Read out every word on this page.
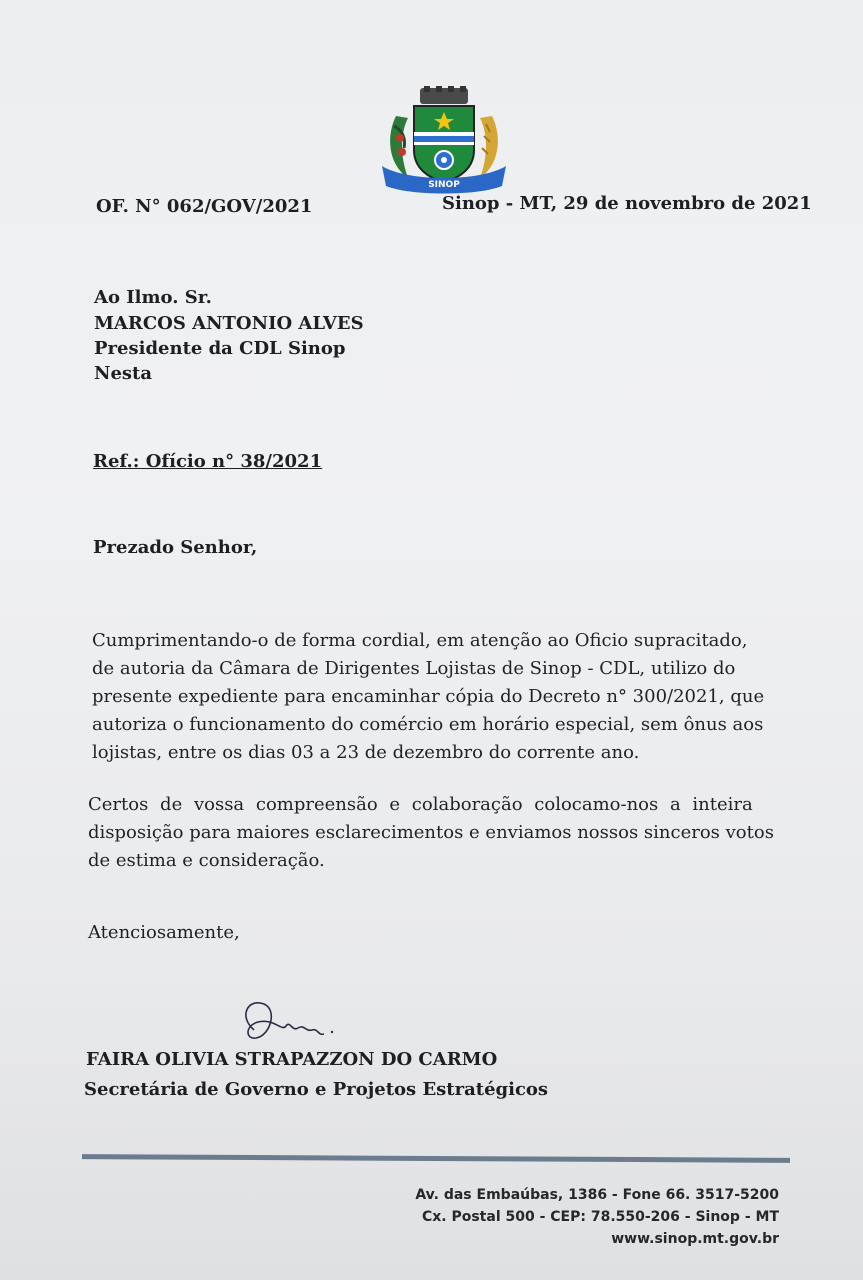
SINOP
OF. N° 062/GOV/2021	Sinop - MT, 29 de novembro de 2021
Ao Ilmo. Sr.
MARCOS ANTONIO ALVES
Presidente da CDL Sinop
Nesta
Ref.: Ofício n° 38/2021
Prezado Senhor,
Cumprimentando-o de forma cordial, em atenção ao Oficio supracitado,
de autoria da Câmara de Dirigentes Lojistas de Sinop - CDL, utilizo do
presente expediente para encaminhar cópia do Decreto n° 300/2021, que
autoriza o funcionamento do comércio em horário especial, sem ônus aos
lojistas, entre os dias 03 a 23 de dezembro do corrente ano.
Certos de vossa compreensão e colaboração colocamo-nos a inteira
disposição para maiores esclarecimentos e enviamos nossos sinceros votos
de estima e consideração.
Atenciosamente,
FAIRA OLIVIA STRAPAZZON DO CARMO
Secretária de Governo e Projetos Estratégicos
Av. das Embaúbas, 1386 - Fone 66. 3517-5200
Cx. Postal 500 - CEP: 78.550-206 - Sinop - MT
www.sinop.mt.gov.br
